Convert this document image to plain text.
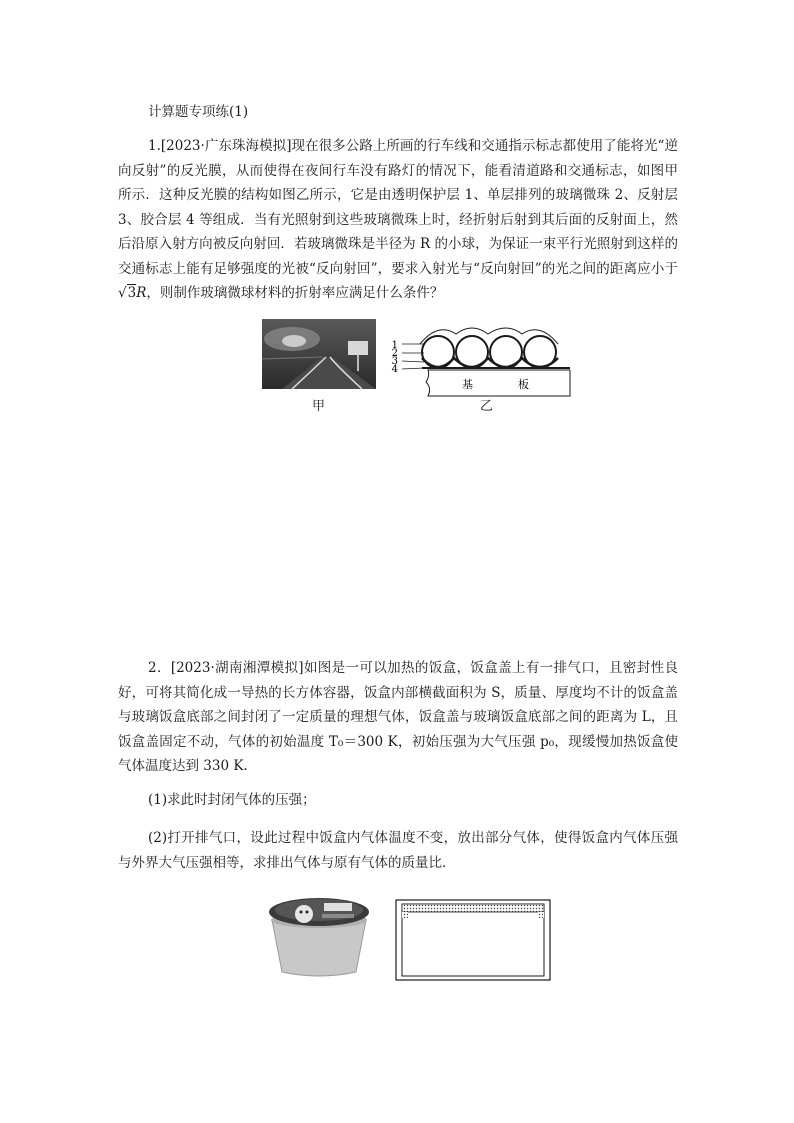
计算题专项练(1)
1.[2023·广东珠海模拟]现在很多公路上所画的行车线和交通指示标志都使用了能将光“逆向反射”的反光膜，从而使得在夜间行车没有路灯的情况下，能看清道路和交通标志，如图甲所示．这种反光膜的结构如图乙所示，它是由透明保护层 1、单层排列的玻璃微珠 2、反射层 3、胶合层 4 等组成．当有光照射到这些玻璃微珠上时，经折射后射到其后面的反射面上，然后沿原入射方向被反向射回．若玻璃微珠是半径为 R 的小球，为保证一束平行光照射到这样的交通标志上能有足够强度的光被“反向射回”，要求入射光与“反向射回”的光之间的距离应小于 √3R，则制作玻璃微球材料的折射率应满足什么条件？
甲
1
2
3
4
基	板
乙
2．[2023·湖南湘潭模拟]如图是一可以加热的饭盒，饭盒盖上有一排气口，且密封性良好，可将其简化成一导热的长方体容器，饭盒内部横截面积为 S，质量、厚度均不计的饭盒盖与玻璃饭盒底部之间封闭了一定质量的理想气体，饭盒盖与玻璃饭盒底部之间的距离为 L，且饭盒盖固定不动，气体的初始温度 T₀＝300 K，初始压强为大气压强 p₀，现缓慢加热饭盒使气体温度达到 330 K.
(1)求此时封闭气体的压强；
(2)打开排气口，设此过程中饭盒内气体温度不变，放出部分气体，使得饭盒内气体压强与外界大气压强相等，求排出气体与原有气体的质量比．
